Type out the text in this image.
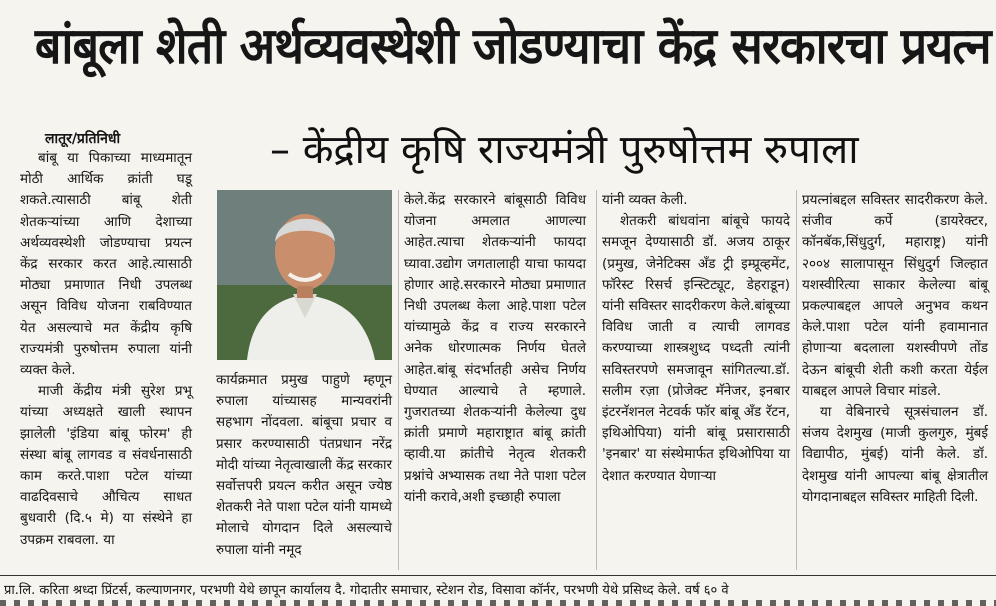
बांबूला शेती अर्थव्यवस्थेशी जोडण्याचा केंद्र सरकारचा प्रयत्न
– केंद्रीय कृषि राज्यमंत्री पुरुषोत्तम रुपाला
लातूर/प्रतिनिधी

बांबू या पिकाच्या माध्यमातून मोठी आर्थिक क्रांती घडू शकते.त्यासाठी बांबू शेती शेतकऱ्यांच्या आणि देशाच्या अर्थव्यवस्थेशी जोडण्याचा प्रयत्न केंद्र सरकार करत आहे.त्यासाठी मोठ्या प्रमाणात निधी उपलब्ध असून विविध योजना राबविण्यात येत असल्याचे मत केंद्रीय कृषि राज्यमंत्री पुरुषोत्तम रुपाला यांनी व्यक्त केले.

माजी केंद्रीय मंत्री सुरेश प्रभू यांच्या अध्यक्षते खाली स्थापन झालेली 'इंडिया बांबू फोरम' ही संस्था बांबू लागवड व संवर्धनासाठी काम करते.पाशा पटेल यांच्या वाढदिवसाचे औचित्य साधत बुधवारी (दि.५ मे) या संस्थेने हा उपक्रम राबवला. या

कार्यक्रमात प्रमुख पाहुणे म्हणून रुपाला यांच्यासह मान्यवरांनी सहभाग नोंदवला. बांबूचा प्रचार व प्रसार करण्यासाठी पंतप्रधान नरेंद्र मोदी यांच्या नेतृत्वाखाली केंद्र सरकार सर्वोत्तपरी प्रयत्न करीत असून ज्येष्ठ शेतकरी नेते पाशा पटेल यांनी यामध्ये मोलाचे योगदान दिले असल्याचे रुपाला यांनी नमूद

केले.केंद्र सरकारने बांबूसाठी विविध योजना अमलात आणल्या आहेत.त्याचा शेतकऱ्यांनी फायदा घ्यावा.उद्योग जगतालाही याचा फायदा होणार आहे.सरकारने मोठ्या प्रमाणात निधी उपलब्ध केला आहे.पाशा पटेल यांच्यामुळे केंद्र व राज्य सरकारने अनेक धोरणात्मक निर्णय घेतले आहेत.बांबू संदर्भातही असेच निर्णय घेण्यात आल्याचे ते म्हणाले. गुजरातच्या शेतकऱ्यांनी केलेल्या दुध क्रांती प्रमाणे महाराष्ट्रात बांबू क्रांती व्हावी.या क्रांतीचे नेतृत्व शेतकरी प्रश्नांचे अभ्यासक तथा नेते पाशा पटेल यांनी करावे,अशी इच्छाही रुपाला

यांनी व्यक्त केली.

शेतकरी बांधवांना बांबूचे फायदे समजून देण्यासाठी डॉ. अजय ठाकूर (प्रमुख, जेनेटिक्स ॲंड ट्री इम्प्रूव्हमेंट, फॉरेस्ट रिसर्च इन्स्टिट्यूट, डेहराडून) यांनी सविस्तर सादरीकरण केले.बांबूच्या विविध जाती व त्याची लागवड करण्याच्या शास्त्रशुध्द पध्दती त्यांनी सविस्तरपणे समजावून सांगितल्या.डॉ. सलीम रज़ा (प्रोजेक्ट मॅनेजर, इनबार इंटरनॅशनल नेटवर्क फॉर बांबू ॲंड रॅटन, इथिओपिया) यांनी बांबू प्रसारासाठी 'इनबार' या संस्थेमार्फत इथिओपिया या देशात करण्यात येणाऱ्या

प्रयत्नांबद्दल सविस्तर सादरीकरण केले. संजीव कर्पे (डायरेक्टर, कॉनबॅक,सिंधुदुर्ग, महाराष्ट्र) यांनी २००४ सालापासून सिंधुदुर्ग जिल्हात यशस्वीरित्या साकार केलेल्या बांबू प्रकल्पाबद्दल आपले अनुभव कथन केले.पाशा पटेल यांनी हवामानात होणाऱ्या बदलाला यशस्वीपणे तोंड देऊन बांबूची शेती कशी करता येईल याबद्दल आपले विचार मांडले.

या वेबिनारचे सूत्रसंचालन डॉ. संजय देशमुख (माजी कुलगुरु, मुंबई विद्यापीठ, मुंबई) यांनी केले. डॉ. देशमुख यांनी आपल्या बांबू क्षेत्रातील योगदानाबद्दल सविस्तर माहिती दिली.

प्रा.लि. करिता श्रध्दा प्रिंटर्स, कल्याणनगर, परभणी येथे छापून कार्यालय दै. गोदातीर समाचार, स्टेशन रोड, विसावा कॉर्नर, परभणी येथे प्रसिध्द केले. वर्ष ६० वे
